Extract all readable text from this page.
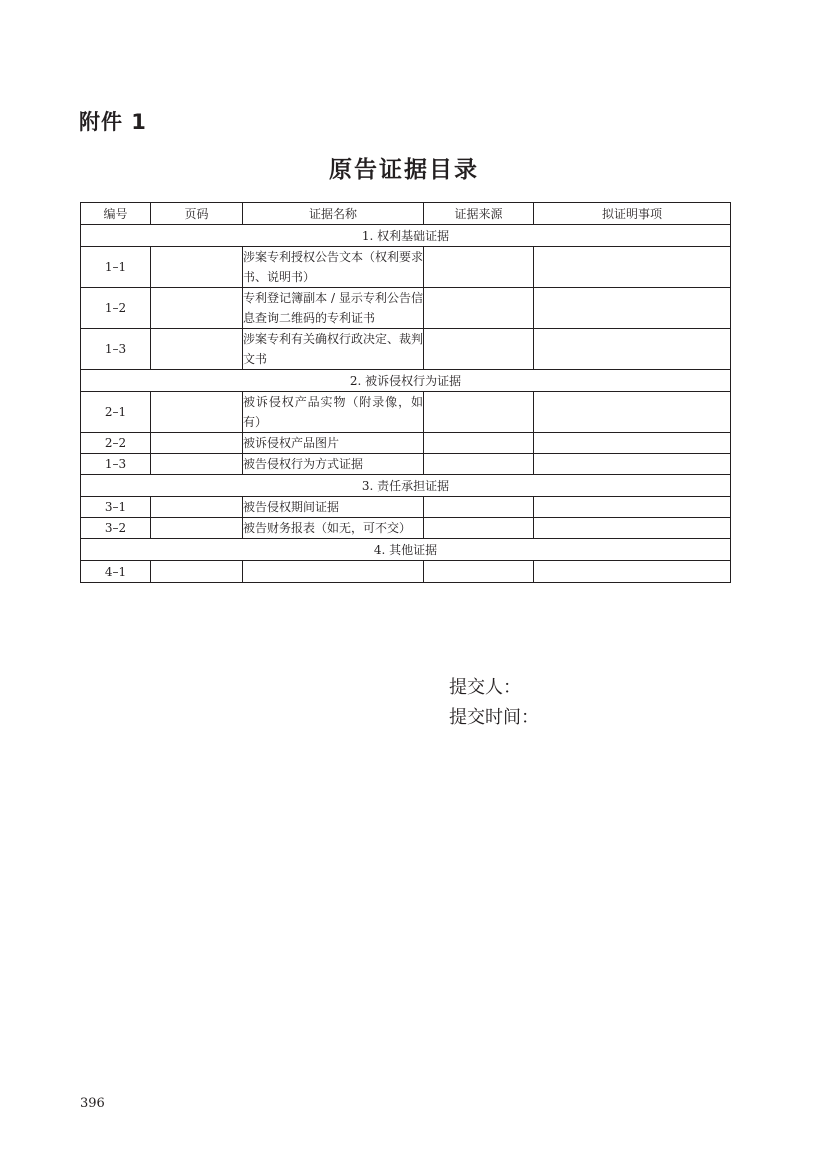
附件 1
原告证据目录
编号	页码	证据名称	证据来源	拟证明事项
1. 权利基础证据				
1–1		涉案专利授权公告文本（权利要求书、说明书）		
1–2		专利登记簿副本 / 显示专利公告信息查询二维码的专利证书		
1–3		涉案专利有关确权行政决定、裁判文书		
2. 被诉侵权行为证据				
2–1		被诉侵权产品实物（附录像，如有）		
2–2		被诉侵权产品图片		
1–3		被告侵权行为方式证据		
3. 责任承担证据				
3–1		被告侵权期间证据		
3–2		被告财务报表（如无，可不交）		
4. 其他证据				
4–1				
提交人：
提交时间：
396
